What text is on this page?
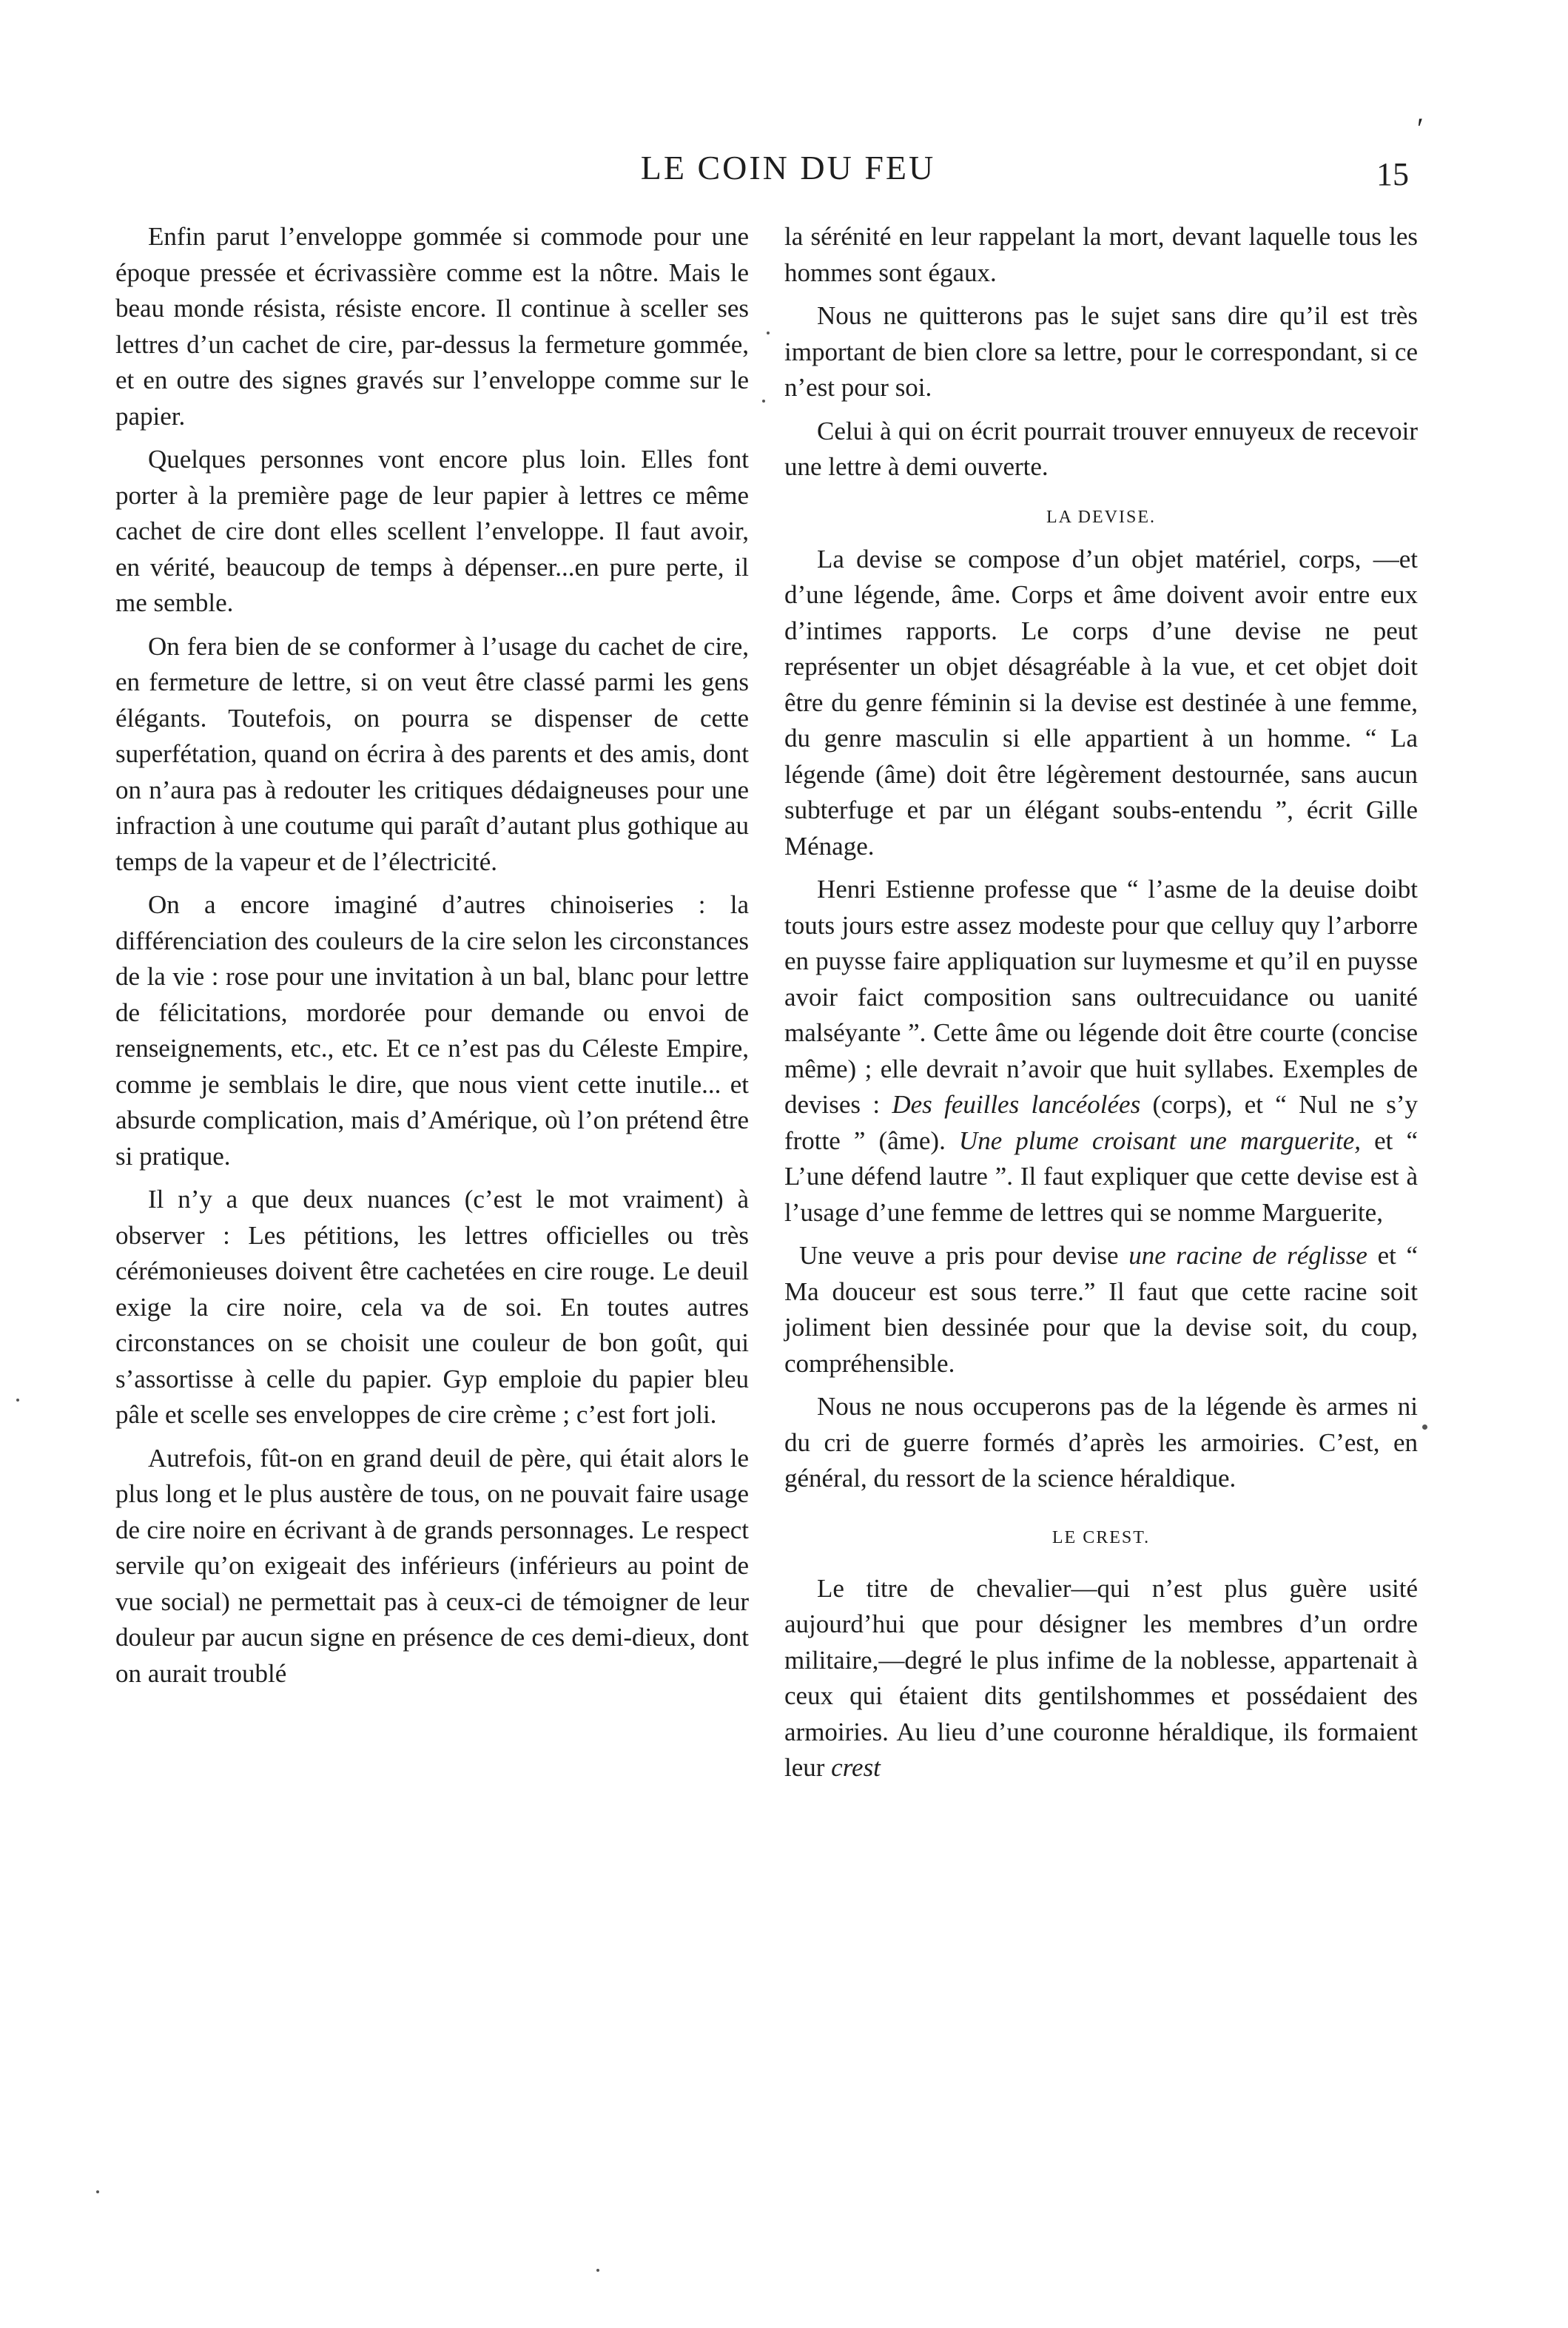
ʹ
LE COIN DU FEU	15

Enfin parut l’enveloppe gommée si commode pour une époque pressée et écrivassière comme est la nôtre. Mais le beau monde résista, résiste encore. Il continue à sceller ses lettres d’un cachet de cire, par-dessus la fermeture gommée, et en outre des signes gravés sur l’enveloppe comme sur le papier.

Quelques personnes vont encore plus loin. Elles font porter à la première page de leur papier à lettres ce même cachet de cire dont elles scellent l’enveloppe. Il faut avoir, en vérité, beaucoup de temps à dépenser...en pure perte, il me semble.

On fera bien de se conformer à l’usage du cachet de cire, en fermeture de lettre, si on veut être classé parmi les gens élégants. Toutefois, on pourra se dispenser de cette superfétation, quand on écrira à des parents et des amis, dont on n’aura pas à redouter les critiques dédaigneuses pour une infraction à une coutume qui paraît d’autant plus gothique au temps de la vapeur et de l’électricité.

On a encore imaginé d’autres chinoiseries : la différenciation des couleurs de la cire selon les circonstances de la vie : rose pour une invitation à un bal, blanc pour lettre de félicitations, mordorée pour demande ou envoi de renseignements, etc., etc. Et ce n’est pas du Céleste Empire, comme je semblais le dire, que nous vient cette inutile... et absurde complication, mais d’Amérique, où l’on prétend être si pratique.

Il n’y a que deux nuances (c’est le mot vraiment) à observer : Les pétitions, les lettres officielles ou très cérémonieuses doivent être cachetées en cire rouge. Le deuil exige la cire noire, cela va de soi. En toutes autres circonstances on se choisit une couleur de bon goût, qui s’assortisse à celle du papier. Gyp emploie du papier bleu pâle et scelle ses enveloppes de cire crème ; c’est fort joli.

Autrefois, fût-on en grand deuil de père, qui était alors le plus long et le plus austère de tous, on ne pouvait faire usage de cire noire en écrivant à de grands personnages. Le respect servile qu’on exigeait des inférieurs (inférieurs au point de vue social) ne permettait pas à ceux-ci de témoigner de leur douleur par aucun signe en présence de ces demi-dieux, dont on aurait troublé

la sérénité en leur rappelant la mort, devant laquelle tous les hommes sont égaux.

Nous ne quitterons pas le sujet sans dire qu’il est très important de bien clore sa lettre, pour le correspondant, si ce n’est pour soi.

Celui à qui on écrit pourrait trouver ennuyeux de recevoir une lettre à demi ouverte.

LA DEVISE.

La devise se compose d’un objet matériel, corps, —et d’une légende, âme. Corps et âme doivent avoir entre eux d’intimes rapports. Le corps d’une devise ne peut représenter un objet désagréable à la vue, et cet objet doit être du genre féminin si la devise est destinée à une femme, du genre masculin si elle appartient à un homme. “ La légende (âme) doit être légèrement destournée, sans aucun subterfuge et par un élégant soubs-entendu ”, écrit Gille Ménage.

Henri Estienne professe que “ l’asme de la deuise doibt touts jours estre assez modeste pour que celluy quy l’arborre en puysse faire appliquation sur luymesme et qu’il en puysse avoir faict composition sans oultrecuidance ou uanité malséyante ”. Cette âme ou légende doit être courte (concise même) ; elle devrait n’avoir que huit syllabes. Exemples de devises : Des feuilles lancéolées (corps), et “ Nul ne s’y frotte ” (âme). Une plume croisant une marguerite, et “ L’une défend lautre ”. Il faut expliquer que cette devise est à l’usage d’une femme de lettres qui se nomme Marguerite,

Une veuve a pris pour devise une racine de réglisse et “ Ma douceur est sous terre.” Il faut que cette racine soit joliment bien dessinée pour que la devise soit, du coup, compréhensible.

Nous ne nous occuperons pas de la légende ès armes ni du cri de guerre formés d’après les armoiries. C’est, en général, du ressort de la science héraldique.

LE CREST.

Le titre de chevalier—qui n’est plus guère usité aujourd’hui que pour désigner les membres d’un ordre militaire,—degré le plus infime de la noblesse, appartenait à ceux qui étaient dits gentilshommes et possédaient des armoiries. Au lieu d’une couronne héraldique, ils formaient leur crest
